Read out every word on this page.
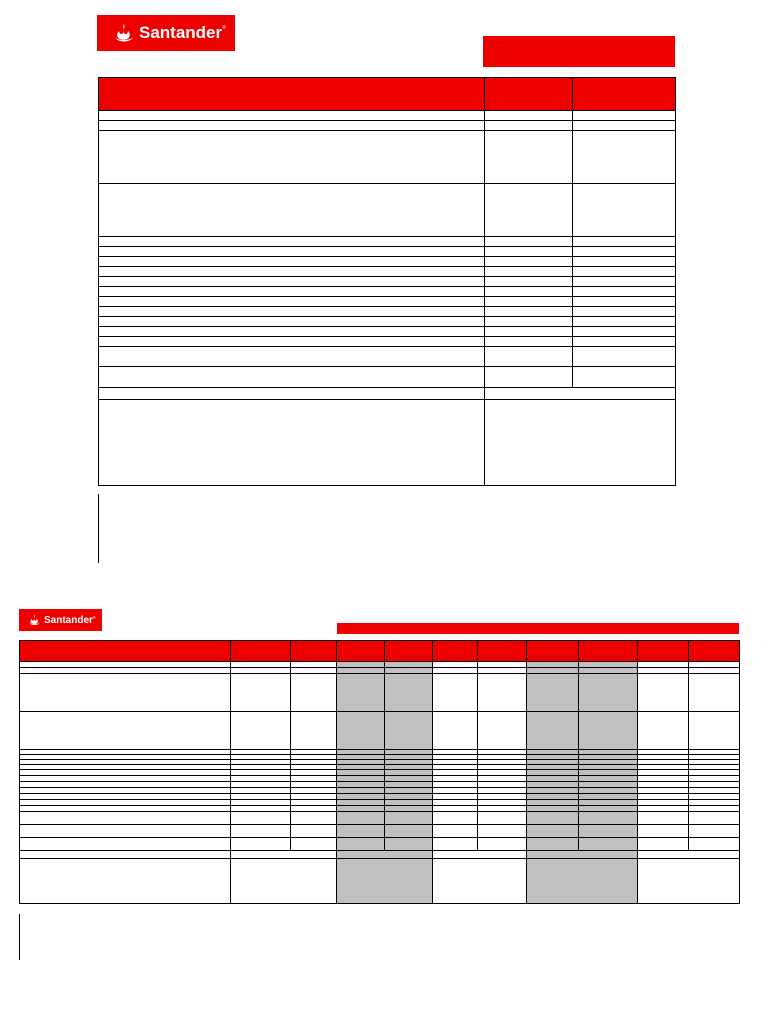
Santander ®

Santander ®
